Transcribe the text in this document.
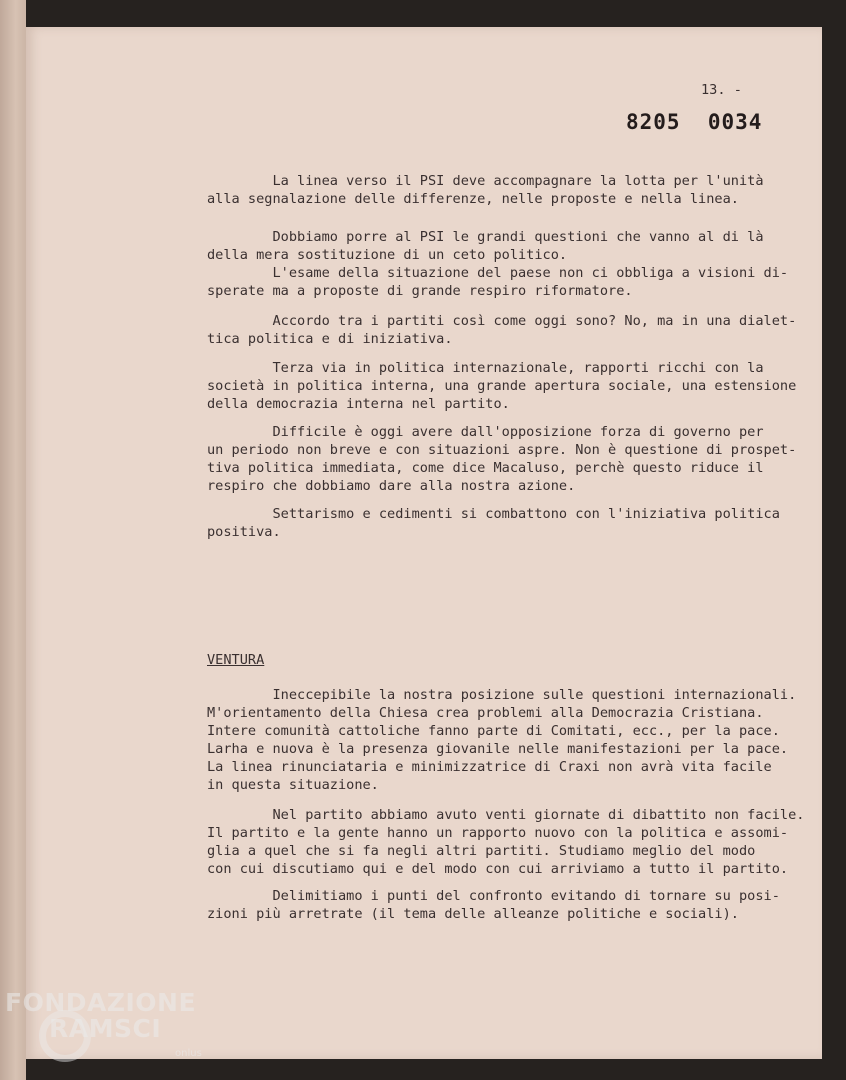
13. -
8205  0034
La linea verso il PSI deve accompagnare la lotta per l'unità
alla segnalazione delle differenze, nelle proposte e nella linea.
Dobbiamo porre al PSI le grandi questioni che vanno al di là
della mera sostituzione di un ceto politico.
L'esame della situazione del paese non ci obbliga a visioni di-
sperate ma a proposte di grande respiro riformatore.
Accordo tra i partiti così come oggi sono? No, ma in una dialet-
tica politica e di iniziativa.
Terza via in politica internazionale, rapporti ricchi con la
società in politica interna, una grande apertura sociale, una estensione
della democrazia interna nel partito.
Difficile è oggi avere dall'opposizione forza di governo per
un periodo non breve e con situazioni aspre. Non è questione di prospet-
tiva politica immediata, come dice Macaluso, perchè questo riduce il
respiro che dobbiamo dare alla nostra azione.
Settarismo e cedimenti si combattono con l'iniziativa politica
positiva.
VENTURA
Ineccepibile la nostra posizione sulle questioni internazionali.
M'orientamento della Chiesa crea problemi alla Democrazia Cristiana.
Intere comunità cattoliche fanno parte di Comitati, ecc., per la pace.
Larha e nuova è la presenza giovanile nelle manifestazioni per la pace.
La linea rinunciataria e minimizzatrice di Craxi non avrà vita facile
in questa situazione.
Nel partito abbiamo avuto venti giornate di dibattito non facile.
Il partito e la gente hanno un rapporto nuovo con la politica e assomi-
glia a quel che si fa negli altri partiti. Studiamo meglio del modo
con cui discutiamo qui e del modo con cui arriviamo a tutto il partito.
Delimitiamo i punti del confronto evitando di tornare su posi-
zioni più arretrate (il tema delle alleanze politiche e sociali).
FONDAZIONE
RAMSCI
onlus
